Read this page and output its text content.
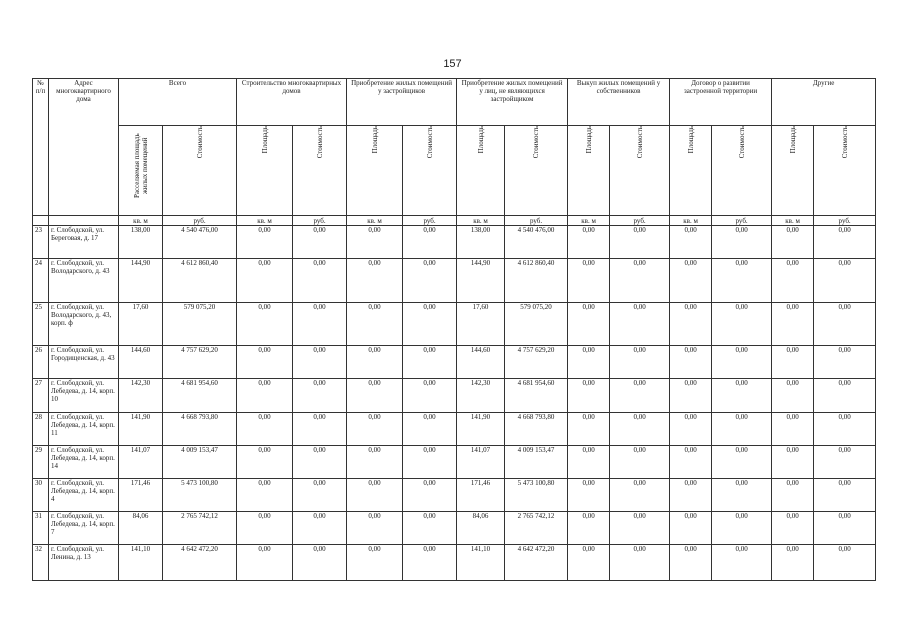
157
№ п/п	Адрес многоквартирного дома	Всего		Строительство многоквартирных домов		Приобретение жилых помещений у застройщиков		Приобретение жилых помещений у лиц, не являющихся застройщиком		Выкуп жилых помещений у собственников		Договор о развитии застроенной территории		Другие	

		Расселяемая площадь жилых помещений	Стоимость	Площадь	Стоимость	Площадь	Стоимость	Площадь	Стоимость	Площадь	Стоимость	Площадь	Стоимость	Площадь	Стоимость

		кв. м	руб.	кв. м	руб.	кв. м	руб.	кв. м	руб.	кв. м	руб.	кв. м	руб.	кв. м	руб.
23	г. Слободской, ул. Береговая, д. 17	138,00	4 540 476,00	0,00	0,00	0,00	0,00	138,00	4 540 476,00	0,00	0,00	0,00	0,00	0,00	0,00
24	г. Слободской, ул. Володарского, д. 43	144,90	4 612 860,40	0,00	0,00	0,00	0,00	144,90	4 612 860,40	0,00	0,00	0,00	0,00	0,00	0,00
25	г. Слободской, ул. Володарского, д. 43, корп. ф	17,60	579 075,20	0,00	0,00	0,00	0,00	17,60	579 075,20	0,00	0,00	0,00	0,00	0,00	0,00
26	г. Слободской, ул. Городищенская, д. 43	144,60	4 757 629,20	0,00	0,00	0,00	0,00	144,60	4 757 629,20	0,00	0,00	0,00	0,00	0,00	0,00
27	г. Слободской, ул. Лебедева, д. 14, корп. 10	142,30	4 681 954,60	0,00	0,00	0,00	0,00	142,30	4 681 954,60	0,00	0,00	0,00	0,00	0,00	0,00
28	г. Слободской, ул. Лебедева, д. 14, корп. 11	141,90	4 668 793,80	0,00	0,00	0,00	0,00	141,90	4 668 793,80	0,00	0,00	0,00	0,00	0,00	0,00
29	г. Слободской, ул. Лебедева, д. 14, корп. 14	141,07	4 009 153,47	0,00	0,00	0,00	0,00	141,07	4 009 153,47	0,00	0,00	0,00	0,00	0,00	0,00
30	г. Слободской, ул. Лебедева, д. 14, корп. 4	171,46	5 473 100,80	0,00	0,00	0,00	0,00	171,46	5 473 100,80	0,00	0,00	0,00	0,00	0,00	0,00
31	г. Слободской, ул. Лебедева, д. 14, корп. 7	84,06	2 765 742,12	0,00	0,00	0,00	0,00	84,06	2 765 742,12	0,00	0,00	0,00	0,00	0,00	0,00
32	г. Слободской, ул. Ленина, д. 13	141,10	4 642 472,20	0,00	0,00	0,00	0,00	141,10	4 642 472,20	0,00	0,00	0,00	0,00	0,00	0,00
